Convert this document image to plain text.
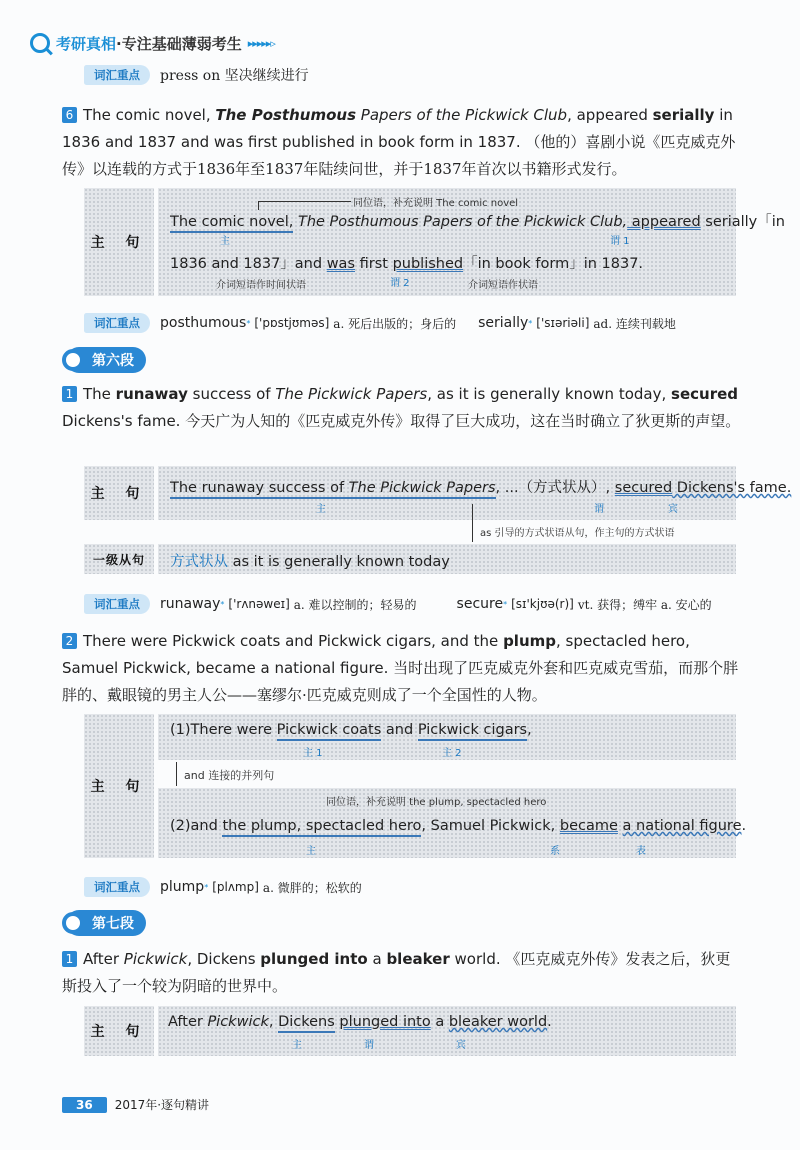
考研真相 ·专注基础薄弱考生 ▸▸▸▸▸▹
词汇重点	press on 坚决继续进行
6 The comic novel, The Posthumous Papers of the Pickwick Club, appeared serially in 1836 and 1837 and was first published in book form in 1837. （他的）喜剧小说《匹克威克外传》以连载的方式于1836年至1837年陆续问世，并于1837年首次以书籍形式发行。
主 句
同位语，补充说明 The comic novel
The comic novel, The Posthumous Papers of the Pickwick Club, appeared serially「in
主	谓 1
1836 and 1837」and was first published「in book form」in 1837.
谓 2
介词短语作时间状语	介词短语作状语
词汇重点	posthumous * ['pɒstjʊməs] a. 死后出版的；身后的 serially * ['sɪəriəli] ad. 连续刊载地
第六段
1 The runaway success of The Pickwick Papers, as it is generally known today, secured Dickens's fame. 今天广为人知的《匹克威克外传》取得了巨大成功，这在当时确立了狄更斯的声望。
主 句	The runaway success of The Pickwick Papers, ...（方式状从）, secured Dickens's fame.
主	谓	宾
as 引导的方式状语从句，作主句的方式状语
一级从句	方式状从 as it is generally known today
词汇重点	runaway * ['rʌnəweɪ] a. 难以控制的；轻易的	secure * [sɪ'kjʊə(r)] vt. 获得；缚牢 a. 安心的
2 There were Pickwick coats and Pickwick cigars, and the plump, spectacled hero, Samuel Pickwick, became a national figure. 当时出现了匹克威克外套和匹克威克雪茄，而那个胖胖的、戴眼镜的男主人公——塞缪尔·匹克威克则成了一个全国性的人物。
主 句
(1)There were Pickwick coats and Pickwick cigars,
主 1	主 2
and 连接的并列句
同位语，补充说明 the plump, spectacled hero
(2)and the plump, spectacled hero, Samuel Pickwick, became a national figure.
主	系	表
词汇重点	plump * [plʌmp] a. 微胖的；松软的
第七段
1 After Pickwick, Dickens plunged into a bleaker world. 《匹克威克外传》发表之后，狄更斯投入了一个较为阴暗的世界中。
主 句
After Pickwick, Dickens plunged into a bleaker world.
主	谓	宾
36	2017年·逐句精讲
